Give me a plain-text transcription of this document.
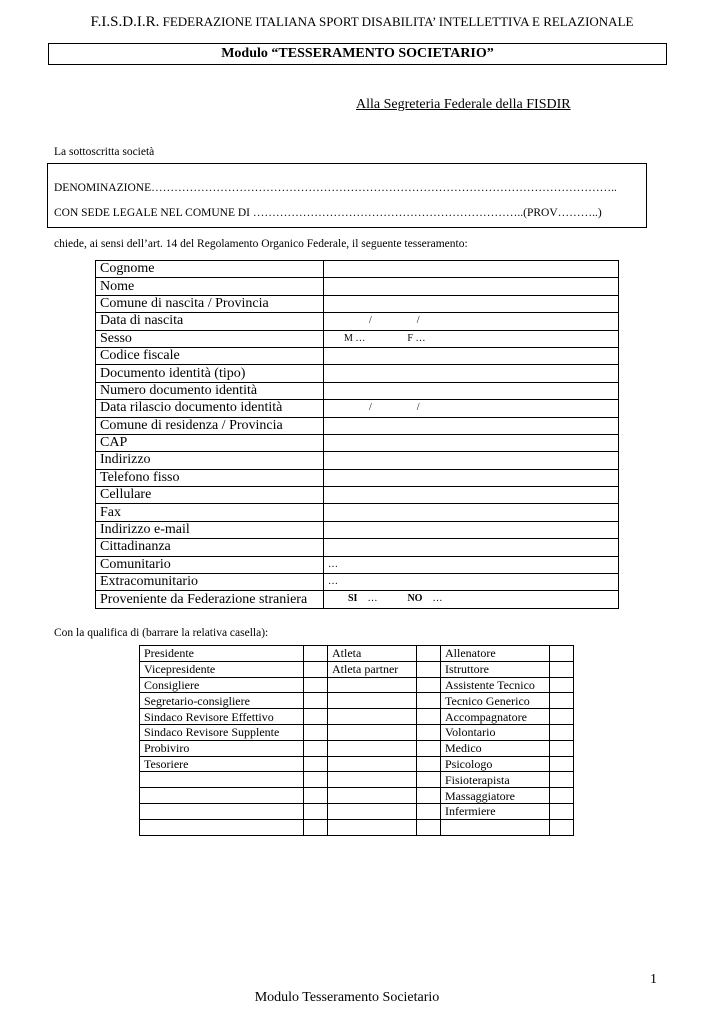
F.I.S.D.I.R. FEDERAZIONE ITALIANA SPORT DISABILITA’ INTELLETTIVA E RELAZIONALE
Modulo “TESSERAMENTO SOCIETARIO”
Alla Segreteria Federale della FISDIR
La sottoscritta società
DENOMINAZIONE…………………………………………………………………………………………………………..
CON SEDE LEGALE NEL COMUNE DI ……………………………………………………………..(PROV………..)
chiede, ai sensi dell’art. 14 del Regolamento Organico Federale, il seguente tesseramento:
Cognome	
Nome	
Comune di nascita / Provincia	
Data di nascita	/ /
Sesso	M … F …
Codice fiscale	
Documento identità (tipo)	
Numero documento identità	
Data rilascio documento identità	/ /
Comune di residenza / Provincia	
CAP	
Indirizzo	
Telefono fisso	
Cellulare	
Fax	
Indirizzo e-mail	
Cittadinanza	
Comunitario	…
Extracomunitario	…
Proveniente da Federazione straniera	SI … NO …
Con la qualifica di (barrare la relativa casella):
Presidente		Atleta		Allenatore	
Vicepresidente		Atleta partner		Istruttore	
Consigliere				Assistente Tecnico	
Segretario-consigliere				Tecnico Generico	
Sindaco Revisore Effettivo				Accompagnatore	
Sindaco Revisore Supplente				Volontario	
Probiviro				Medico	
Tesoriere				Psicologo	
				Fisioterapista	
				Massaggiatore	
				Infermiere	

1
Modulo Tesseramento Societario
